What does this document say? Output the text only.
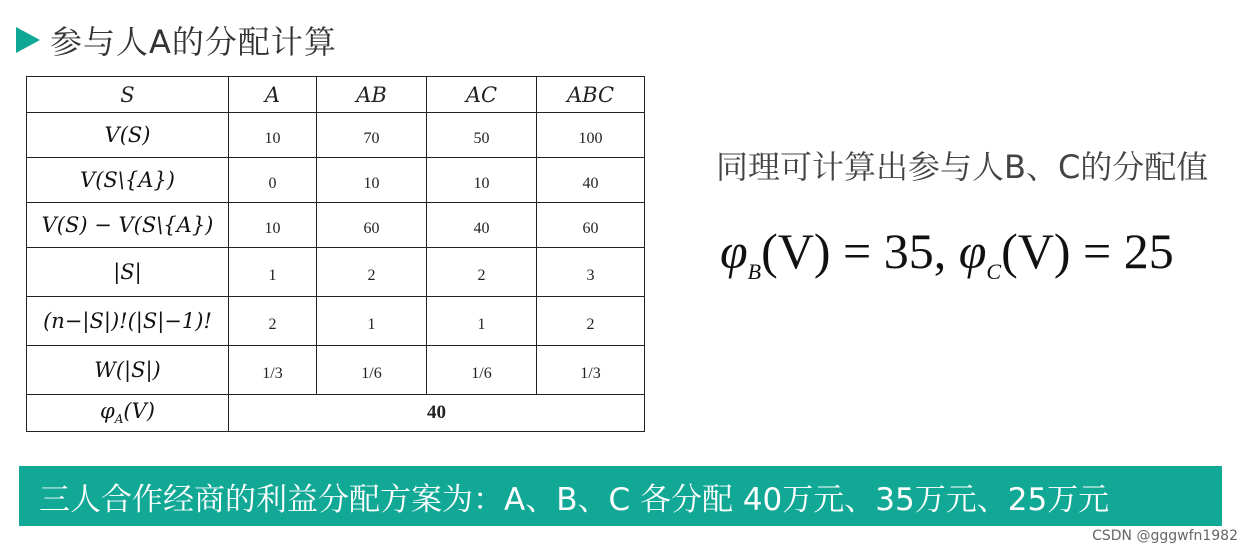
参与人A的分配计算
S	A	AB	AC	ABC
V(S)	10	70	50	100
V(S\{A})	0	10	10	40
V(S) − V(S\{A})	10	60	40	60
|S|	1	2	2	3
(n−|S|)!(|S|−1)!	2	1	1	2
W(|S|)	1/3	1/6	1/6	1/3
$\varphi_A(V)$	40			
同理可计算出参与人B、C的分配值
$\varphi_B(V) = 35$, $\varphi_C(V) = 25$
三人合作经商的利益分配方案为：A、B、C 各分配 40万元、35万元、25万元
CSDN @gggwfn1982
